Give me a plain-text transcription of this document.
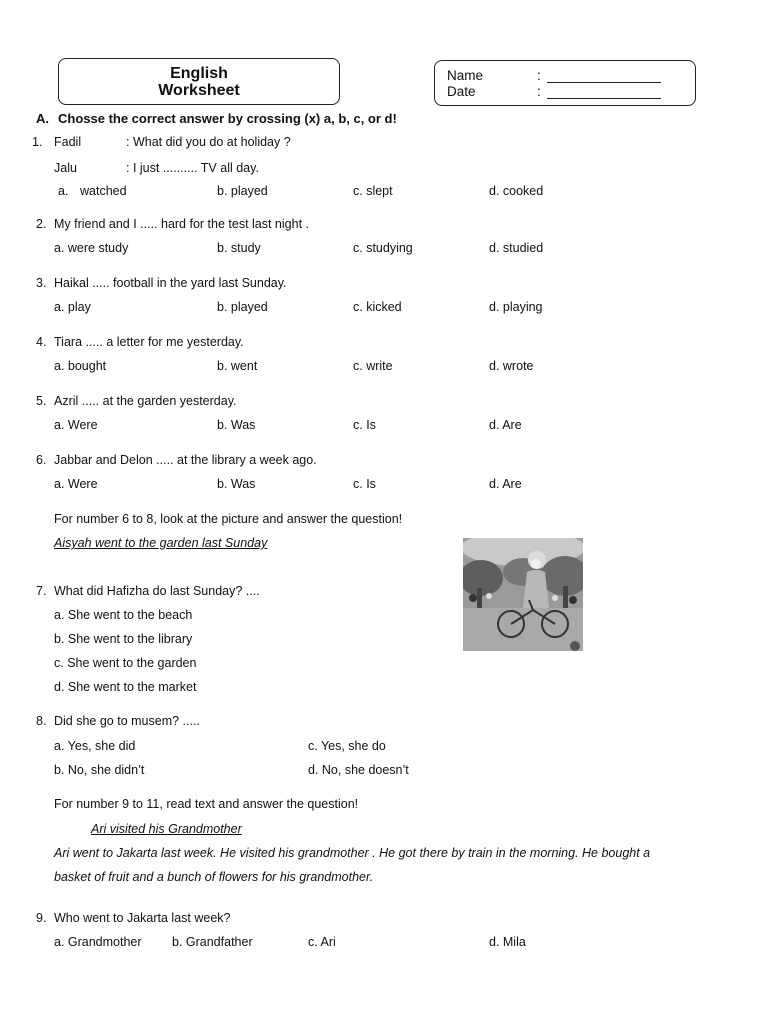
English
Worksheet
Name	:
Date	:
A. Chosse the correct answer by crossing (x) a, b, c, or d!
1. Fadil	: What did you do at holiday ?
Jalu	: I just .......... TV all day.
a. watched	b. played	c. slept	d. cooked
2. My friend and I ..... hard for the test last night .
a. were study	b. study	c. studying	d. studied
3. Haikal ..... football in the yard last Sunday.
a. play	b. played	c. kicked	d. playing
4. Tiara ..... a letter for me yesterday.
a. bought	b. went	c. write	d. wrote
5. Azril ..... at the garden yesterday.
a. Were	b. Was	c. Is	d. Are
6. Jabbar and Delon ..... at the library a week ago.
a. Were	b. Was	c. Is	d. Are
For number 6 to 8, look at the picture and answer the question!
Aisyah went to the garden last Sunday
7. What did Hafizha do last Sunday? ....
a. She went to the beach
b. She went to the library
c. She went to the garden
d. She went to the market
8. Did she go to musem? .....
a. Yes, she did	c. Yes, she do
b. No, she didn’t	d. No, she doesn’t
For number 9 to 11, read text and answer the question!
Ari visited his Grandmother
Ari went to Jakarta last week. He visited his grandmother . He got there by train in the morning. He bought a
basket of fruit and a bunch of flowers for his grandmother.
9. Who went to Jakarta last week?
a. Grandmother b. Grandfather	c. Ari	d. Mila
